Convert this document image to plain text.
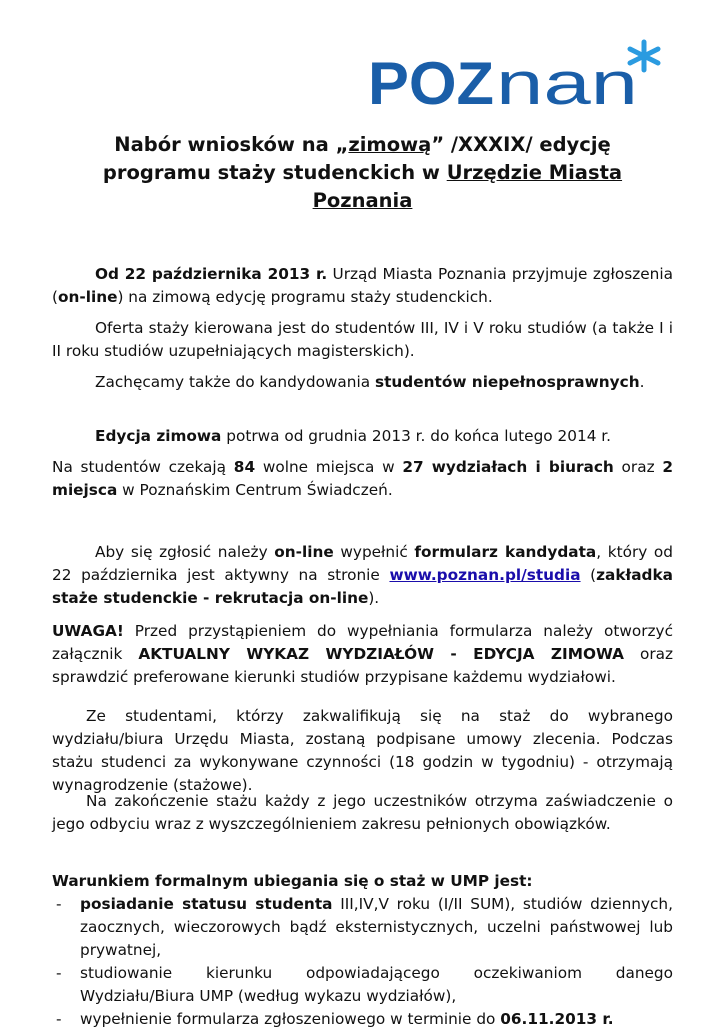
POZ nan
Nabór wniosków na „zimową” /XXXIX/ edycję programu staży studenckich w Urzędzie Miasta Poznania

Od 22 października 2013 r. Urząd Miasta Poznania przyjmuje zgłoszenia (on-line) na zimową edycję programu staży studenckich.

Oferta staży kierowana jest do studentów III, IV i V roku studiów (a także I i II roku studiów uzupełniających magisterskich).

Zachęcamy także do kandydowania studentów niepełnosprawnych.

Edycja zimowa potrwa od grudnia 2013 r. do końca lutego 2014 r.

Na studentów czekają 84 wolne miejsca w 27 wydziałach i biurach oraz 2 miejsca w Poznańskim Centrum Świadczeń.

Aby się zgłosić należy on-line wypełnić formularz kandydata, który od 22 października jest aktywny na stronie www.poznan.pl/studia (zakładka staże studenckie - rekrutacja on-line).

UWAGA! Przed przystąpieniem do wypełniania formularza należy otworzyć załącznik AKTUALNY WYKAZ WYDZIAŁÓW - EDYCJA ZIMOWA oraz sprawdzić preferowane kierunki studiów przypisane każdemu wydziałowi.

Ze studentami, którzy zakwalifikują się na staż do wybranego wydziału/biura Urzędu Miasta, zostaną podpisane umowy zlecenia. Podczas stażu studenci za wykonywane czynności (18 godzin w tygodniu) - otrzymają wynagrodzenie (stażowe).

Na zakończenie stażu każdy z jego uczestników otrzyma zaświadczenie o jego odbyciu wraz z wyszczególnieniem zakresu pełnionych obowiązków.

Warunkiem formalnym ubiegania się o staż w UMP jest:

- posiadanie statusu studenta III,IV,V roku (I/II SUM), studiów dziennych, zaocznych, wieczorowych bądź eksternistycznych, uczelni państwowej lub prywatnej,
- studiowanie kierunku odpowiadającego oczekiwaniom danego Wydziału/Biura UMP (według wykazu wydziałów),
- wypełnienie formularza zgłoszeniowego w terminie do 06.11.2013 r.
